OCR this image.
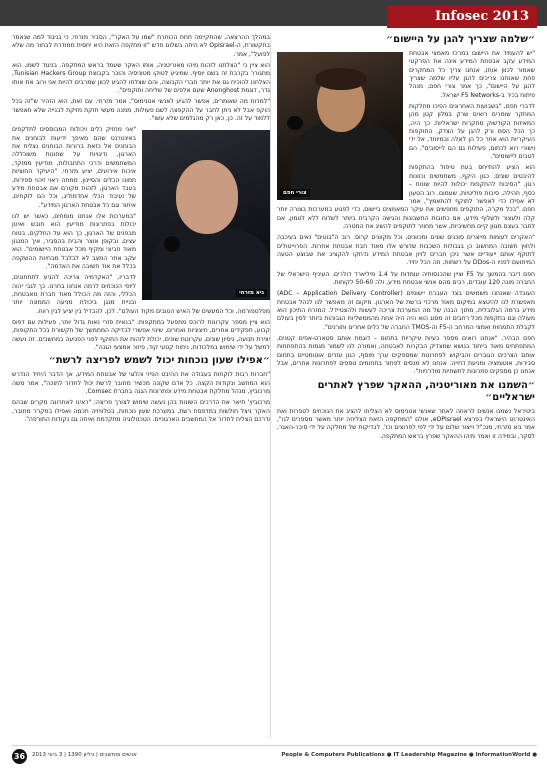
Infosec 2013
״שלמה שצריך להגן על היישום״
צורי חפם

"יש להעמיד את היישום במרכז מאמצי אבטחת המידע עקב אבטחת המידע אינה את הפרקטי שאמור לכוון אותו, אנחנו צריך כל המחקרים פחת שאנחנו צריכים להגן עליו שלמה שצריך להגן על היישום", כך אמר צורי חפם, מנהל פיתוח בכיר ב-F5 Networks ישראל.

לדברי חפם, "בשבועות האחרונים הפיכו מחלקות המחקר שומרים רואים שרק במלון קטן מהן המאיזות הקודשוק מחקרות ישראליות. כך היה, כך הכל הסמ ורק להגן על הצדק. התוקפות העיקריות הוא אחר כל הן לאלה ובמיוחד, אל ידי וישורי רוא לכתום, פעילות גם הם לייסובים". הם לטבים ליישומים".

הוא הציע להתייחס בעת טיפול בהתקפות להיבטים שונים, כגון היקף, משתמשים וכוונות רגון. "הסיבות להתקפות יכולות להיות שונות – כסף, תהילה, סיבות פוליטיות, שעמום. רוב הטעון לא אפילו כדי לאפשר לתוקף להתאמץ", אמר חפם. "בכל מקרה, התוקפים מחפשים את עיקר המאמצים ביישום, כדי לפגוע במערכות בצורה יותר קלה ולעצור ולשלוף מידע, אם כתובות החשבונות והגישה הקרבית ביותר לשלוח ללא לטמון, אם לחבר בעצם מגוון קיים מחשיביות, אשר מחוזר לתוקפים להשיג את המטרה.

"האקרים לעומות מייצרים סוכנים שונים ומכוונים, וכל מקוונים קרוס. רוב ה"בוטים" נאים בעיכבה ולחוץ חשובה המחשוב כן בגבולות השכבות שדורש אלו מאוד חבת אבטחת אחרות. הפרוייטולים לתוקף אותם ייעודיים אשר ניכן חברים לזיון אבטחת המידע נדחקו להקציב את שבוצע הטעה המיתועם לפניו ה-DDos על רשתות, וזה הכל יחיד.

חפם דיבר בהמשך על F5 וציין שהכנסותיה עומדות על 1.4 מיליארד דולרים. העיניף הישראלי של החברה מונה 120 עובדים, רבים מהם אנשי אבטחת מידע, ולה 50-60 לקוחות.

העובדה שאנחנו משמשים בצד העברת יישומים (ADC – Application Delivery Controller) מאפשרת לנו להיטצא במיקום מאוד מרכזי ברשת של הארגון. מיקום זה מאפשר לנו לנהל אבטחת מידע ברמה הגלובלית, מתוך הבנה של מה המערכת צריכה לעשות ולהצטיידל. המזרח התיכון הוא מעולה וגם בתקפות מכל רחבים זה מסוג הוא היה היה אחת מהממשליות הגבוהות ביותר לסין בעולם לקבלת התמחות ואמצי המרחב ה-F5 וה-TMOS החברה של כלים אחרים ותורנים".

חפם הבהיר, "אנחנו רואים מספר בעיות עיקריות בתחום – דוגמת אותם סטארט-אפים קטנים, המתפתחים מאוד בייחוד בנושא שמצדיק הבקרות לאבטחה, ואמורה לנו לשמור מגמות בהתפתחות אותם הצרכים הגוברים והביקוש לפתרונות שמספקים ערך מוסף, כגון עזרים אוטומטיים בתחום סבירות, אוטומציה ומניעת דחייה. אנחנו לא מנסים לפתור בתחומים נוספים לפתרונות אחרים, אבל אנחנו כן מספקים פתרונות לתשתיות מודרניות".

״השמנו את מאוריטניה, ההאקר שפרץ לאתרים ישראליים״

ביטיראל נשמנו אנשים לראוזה לאתר שאנשי אנונימוס לא הצליחו להציג את הנוכחים לטפרות ואת האינטרנט הישראלי בפרצא eOPIsrael, אולם "המתקפה הזאת הצליחה יותר מאשר מספרים לנו", אמר גיא מזרחי, מנכ"ל וייצור שלום על ידי לפי לפרוצים וכו'. לבדיקות של מחלקה על ידי סיבר-האגר, לסקר, ובמידה זו ואמר מיהו ההאקר שפרץ בראש המתקפה.

במהלך ההרצאה, שהתקיימה תחת הכותרת "שמו על האקר", הסביר מזרחי, כי בניגוד למה שנאמר בתקשורת, ה-OpIsrael לא היתה בשלום חדש "זו מתקפה הזאת היא יחסית ממודרת לבחור מה שלא לפועל", אמר.

הוא ציין כי "הצלחנו לזהות מיהו מאוריטניה, אותו האקר שעמד בראש המתקפה. בניגוד לשמו, הוא מתגורר בקרבת זה בשם יוסיף. שמיגיע לטוקו מטוניסיה והוכר בקבוצת Tunisian Hackers Group, הצלחנו להוכיח גם את יותר חברי הקבוצה, והם שצלחו להגיע לכוון שמרבים להיות אני ורוב את אותו גדר, דוגמת Anonghost שעם אלפים של שליחה ותוקפים".

"למרות מה שאומרים, אפשר להגיע לאנשי אנונימוס", אמר מזרחי. עם זאת, הוא הזהיר ש"זה בכל הוקפ אבל לא ניתן לחבר על ההקפצה לשם פעולות, ממנה מעשי חזקת מזיקת לבנייה שלא תאפשר ללמוד על זה. כן, כאן רק מהגלמים שלא עשו".

גיא מזרחי

"אני מחזיק כלים ויכולות המבוססים לתלקפים באינטרנט שהם מאיפך ידיעות לבוחנים את הבוחנים אל כזאת ברורות הבוחנים נצליח את הארגון, ודיגויות על שחונות משוכללה המשתמשים ודרכי התחבולות, מודיעין ממוקד, איכות אירועים, יציע מזרחי. "היעיקר החוציות תמונו הכלים והסיינון. ממתה ראוי זיהוי ספירות, בעבד הארגון, לזהות מקורם אם אבטחת מידע של ועיבוד הכלי אחדמוליג, וכל הם לוקחים, איתור וגם כל אבטחת הארגון המידע".

"במערכות אלו אנחנו מומחים, כאשר יש לנו יכולות בפתרונות מודיעין הוא חובש ואיטן מבפנים של הארגון, כך הוא על החלקים, בטוח עצים, ובקופן אוצר והבית בהסביר, איך המנגון מאוד חביוני ומקיף מכל אבטחת היישומים". הוא עקב אחר המצב לא לבלבל מבחינת ההשקפה בכלל את אוד חשובה את האדמה".

לדבריו, "האקדמיה צריכה להגיע לתחתונים, ליופי הנוכחים לרמה אנחנו בחרנו. כך לגבי יהוה הכללי, והזה מה הכולל מאוד חברת מאבטחת, ובניית מנגן ביכולת מניעה הממונה יותר מפלטפורמה, וכל המעשים של האיש הטובים מקוד העולם". לכן, להבדיל בין יציע לבין רווח.

הוא ציין מספר עקרונות לרוכס מתפעל במתקפות: "בנאית פזרי נאות גדול יותר, פעילות עם דפוס קבוע, תפקידים אחרים, חיצוניות ואחרים, שינוי אפשרי לבדיקה המתמשך של תקשורת בכל התקופות, יצירת תנועה, ניסיון שונים, עקרונות שונים, יכולת לזהות את התוקף לפני הפגיעה במחשבים. זה נעשה למשל על ידי שימוש במלכודות, ניתוח קטעי קוד, פיזור אמצעי הגנה".

״אפילו שעון נוכחות יכול לשמש לפריצה לרשת״

"חברות רבות לוקחות בעבודה את ההיבט הפיזי והלוגי של אבטחת המידע, אך הדבר היחיד הנדרש הוא המחשב ונקודות הקצה. כל אדם שקונה מכשיר מחובר לרשת יכול לחדור לתוכה", אמר משה מרכוביץ, מנהל מחלקת אבטחת מידע ופתרונות הגנה בחברת Comsec.

מרכוביץ' תיאר את הדרכים השונות בהן נעשה שימוש לצורך פריצה: "ראינו לאחרונה מקרים שבהם האקר ניצל חולשות במדפסת רשת, במערכת שעון נוכחות, בטלוויזיה חכמה ואפילו במקרר מחובר, ודרכם הצליח לחדור אל המחשבים הארגוניים. הטכנולוגיה מתקדמת ואיתה גם נקודות התורפה".

36	אנשים ומחשבים | גיליון 1390 | 3 ביוני 2013	People & Computers Publications ● IT Leadership Magazine ● InformationWorld ●
